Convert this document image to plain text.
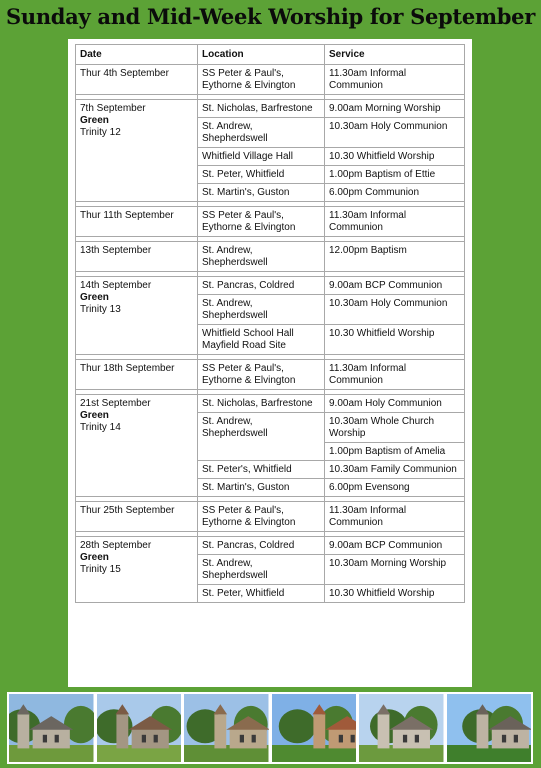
Sunday and Mid-Week Worship for September
Date	Location	Service
Thur 4th September	SS Peter & Paul's, Eythorne & Elvington	11.30am Informal Communion

7th September
Green
Trinity 12	St. Nicholas, Barfrestone	9.00am Morning Worship
	St. Andrew, Shepherdswell	10.30am Holy Communion
	Whitfield Village Hall	10.30 Whitfield Worship
	St. Peter, Whitfield	1.00pm Baptism of Ettie
	St. Martin's, Guston	6.00pm Communion

Thur 11th September	SS Peter & Paul's, Eythorne & Elvington	11.30am Informal Communion

13th September	St. Andrew, Shepherdswell	12.00pm Baptism

14th September
Green
Trinity 13	St. Pancras, Coldred	9.00am BCP Communion
	St. Andrew, Shepherdswell	10.30am Holy Communion
	Whitfield School Hall Mayfield Road Site	10.30 Whitfield Worship

Thur 18th September	SS Peter & Paul's, Eythorne & Elvington	11.30am Informal Communion

21st September
Green
Trinity 14	St. Nicholas, Barfrestone	9.00am Holy Communion
	St. Andrew, Shepherdswell	10.30am Whole Church Worship
		1.00pm Baptism of Amelia
	St. Peter's, Whitfield	10.30am Family Communion
	St. Martin's, Guston	6.00pm Evensong

Thur 25th September	SS Peter & Paul's, Eythorne & Elvington	11.30am Informal Communion

28th September
Green
Trinity 15	St. Pancras, Coldred	9.00am BCP Communion
	St. Andrew, Shepherdswell	10.30am Morning Worship
	St. Peter, Whitfield	10.30 Whitfield Worship
